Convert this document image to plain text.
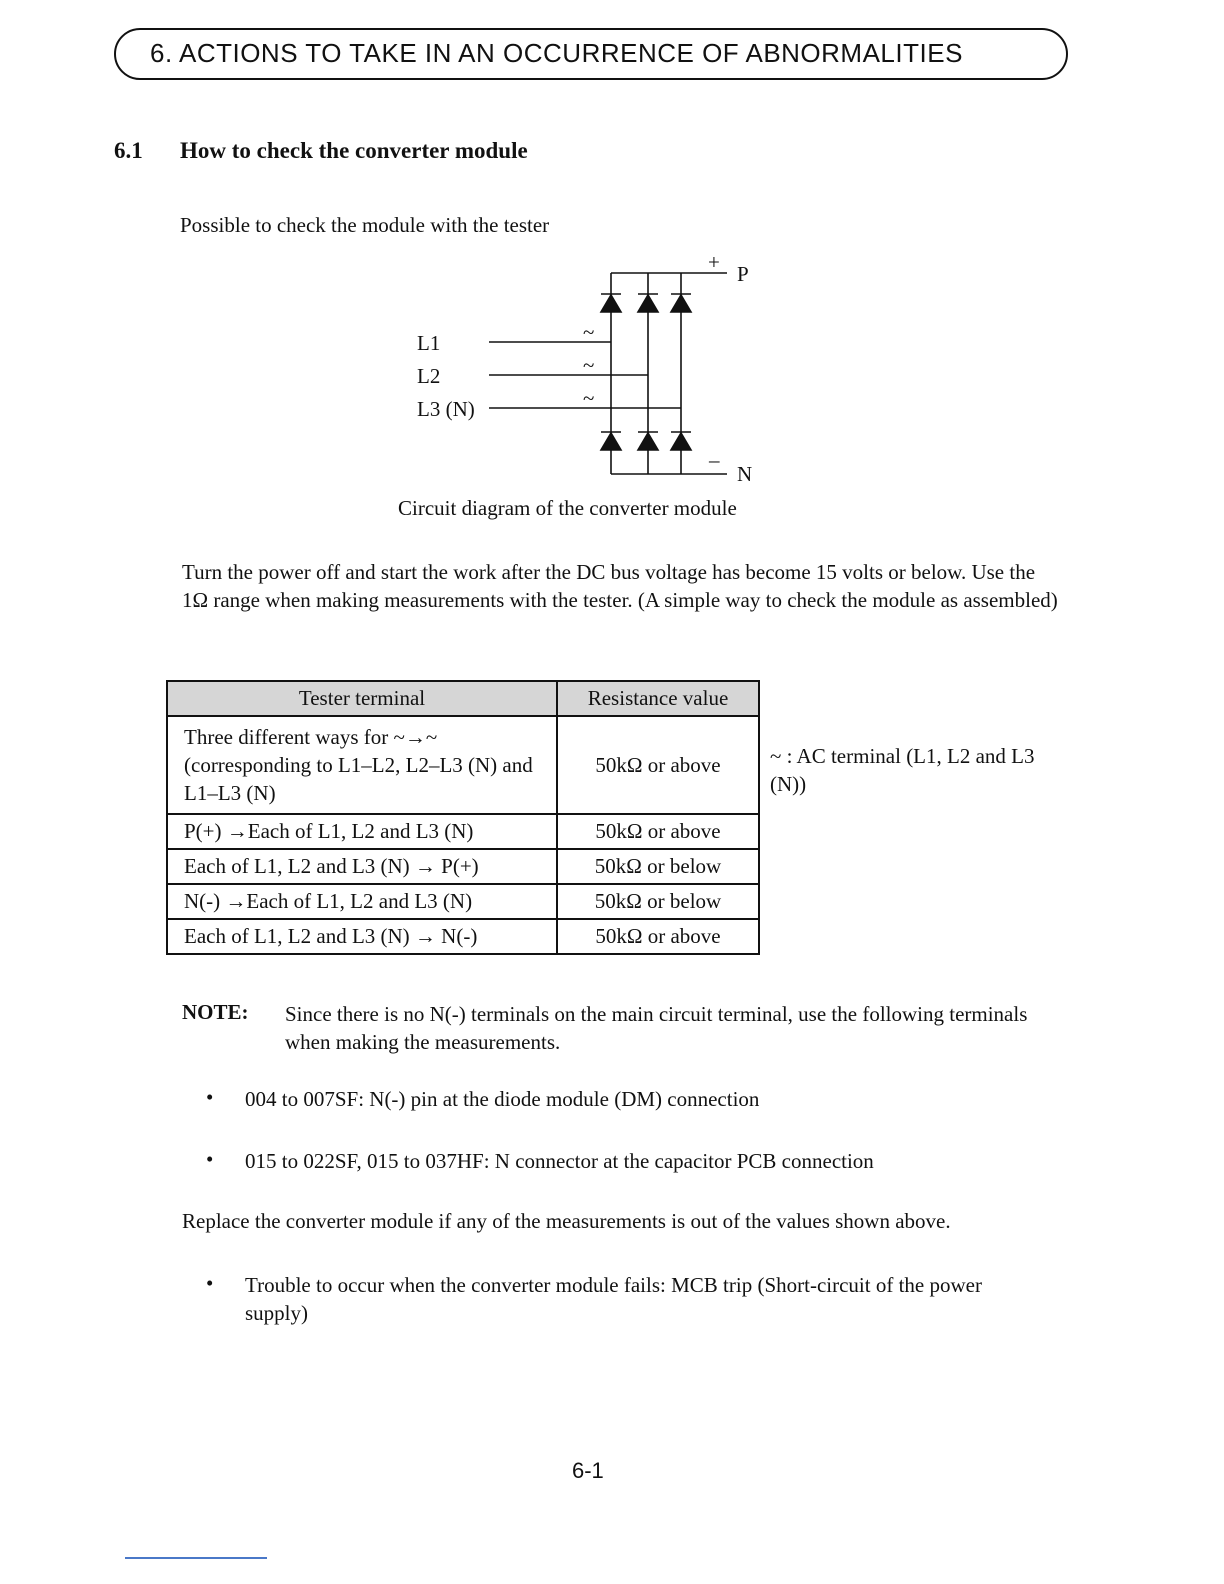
6. ACTIONS TO TAKE IN AN OCCURRENCE OF ABNORMALITIES
6.1 How to check the converter module
Possible to check the module with the tester
L1
L2
L3 (N)
~
~
~
+ P
–
N
Circuit diagram of the converter module
Turn the power off and start the work after the DC bus voltage has become 15 volts or below. Use the 1Ω range when making measurements with the tester. (A simple way to check the module as assembled)
Tester terminal	Resistance value
Three different ways for ~→~ (corresponding to L1–L2, L2–L3 (N) and L1–L3 (N)	50kΩ or above
P(+) →Each of L1, L2 and L3 (N)	50kΩ or above
Each of L1, L2 and L3 (N) → P(+)	50kΩ or below
N(-) →Each of L1, L2 and L3 (N)	50kΩ or below
Each of L1, L2 and L3 (N) → N(-)	50kΩ or above
~ : AC terminal (L1, L2 and L3 (N))
NOTE: Since there is no N(-) terminals on the main circuit terminal, use the following terminals when making the measurements.
• 004 to 007SF: N(-) pin at the diode module (DM) connection
• 015 to 022SF, 015 to 037HF: N connector at the capacitor PCB connection
Replace the converter module if any of the measurements is out of the values shown above.
• Trouble to occur when the converter module fails: MCB trip (Short-circuit of the power supply)
6-1
